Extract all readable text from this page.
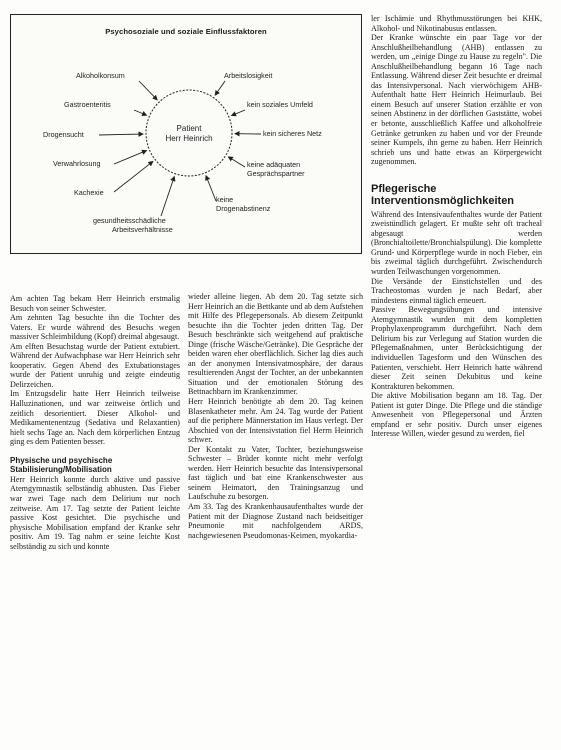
Patient
Herr Heinrich
Alkoholkonsum
Gastroenteritis
Drogensucht
Verwahrlosung
Kachexie
gesundheitsschädliche
Arbeitsverhältnisse
Arbeitslosigkeit
kein soziales Umfeld
kein sicheres Netz
keine adäquaten
Gesprächspartner
keine
Drogenabstinenz
Psychosoziale und soziale Einflussfaktoren

Am achten Tag bekam Herr Heinrich erstmalig Besuch von seiner Schwester.

Am zehnten Tag besuchte ihn die Tochter des Vaters. Er wurde während des Besuchs wegen massiver Schleimbildung (Kopf) dreimal abgesaugt.

Am elften Besuchstag wurde der Patient extubiert. Während der Aufwachphase war Herr Heinrich sehr kooperativ. Gegen Abend des Extubationstages wurde der Patient unruhig und zeigte eindeutig Delirzeichen.

Im Entzugsdelir hatte Herr Heinrich teilweise Halluzinationen, und war zeitweise örtlich und zeitlich desorientiert. Dieser Alkohol- und Medikamentenentzug (Sedativa und Relaxantien) hielt sechs Tage an. Nach dem körperlichen Entzug ging es dem Patienten besser.

Physische und psychische Stabilisierung/Mobilisation

Herr Heinrich konnte durch aktive und passive Atemgymnastik selbständig abhusten. Das Fieber war zwei Tage nach dem Delirium nur noch zeitweise. Am 17. Tag setzte der Patient leichte passive Kost gesichtet. Die psychische und physische Mobilisation empfand der Kranke sehr positiv. Am 19. Tag nahm er seine leichte Kost selbständig zu sich und konnte

wieder alleine liegen. Ab dem 20. Tag setzte sich Herr Heinrich an die Bettkante und ab dem Aufstehen mit Hilfe des Pflegepersonals. Ab diesem Zeitpunkt besuchte ihn die Tochter jeden dritten Tag. Der Besuch beschränkte sich weitgehend auf praktische Dinge (frische Wäsche/Getränke). Die Gespräche der beiden waren eher oberflächlich. Sicher lag dies auch an der anonymen Intensivatmosphäre, der daraus resultierenden Angst der Tochter, an der unbekannten Situation und der emotionalen Störung des Bettnachbarn im Krankenzimmer.

Herr Heinrich benötigte ab dem 20. Tag keinen Blasenkatheter mehr. Am 24. Tag wurde der Patient auf die periphere Männerstation im Haus verlegt. Der Abschied von der Intensivstation fiel Herrn Heinrich schwer.

Der Kontakt zu Vater, Tochter, beziehungsweise Schwester – Brüder konnte nicht mehr verfolgt werden. Herr Heinrich besuchte das Intensivpersonal fast täglich und bat eine Krankenschwester aus seinem Heimatort, den Trainingsanzug und Laufschuhe zu besorgen.

Am 33. Tag des Krankenhausaufenthaltes wurde der Patient mit der Diagnose Zustand nach beidseitiger Pneumonie mit nachfolgendem ARDS, nachgewiesenen Pseudomonas-Keimen, myokardia-

ler Ischämie und Rhythmusstörungen bei KHK, Alkohol- und Nikotinabusus entlassen.

Der Kranke wünschte ein paar Tage vor der Anschlußheilbehandlung (AHB) entlassen zu werden, um „einige Dinge zu Hause zu regeln". Die Anschlußheilbehandlung begann 16 Tage nach Entlassung. Während dieser Zeit besuchte er dreimal das Intensivpersonal. Nach vierwöchigem AHB-Aufenthalt hatte Herr Heinrich Heimurlaub. Bei einem Besuch auf unserer Station erzählte er von seinen Abstinenz in der dörflichen Gaststätte, wobei er betonte, ausschließlich Kaffee und alkoholfreie Getränke getrunken zu haben und vor der Freunde seiner Kumpels, ihn gerne zu haben. Herr Heinrich schrieb uns und hatte etwas an Körpergewicht zugenommen.

Pflegerische Interventionsmöglichkeiten

Während des Intensivaufenthaltes wurde der Patient zweistündlich gelagert. Er mußte sehr oft tracheal abgesaugt werden (Bronchialtoilette/Bronchialspülung). Die komplette Grund- und Körperpflege wurde in noch Fieber, ein bis zweimal täglich durchgeführt. Zwischendurch wurden Teilwaschungen vorgenommen.

Die Versände der Einstichstellen und des Tracheostomas wurden je nach Bedarf, aber mindestens einmal täglich erneuert.

Passive Bewegungsübungen und intensive Atemgymnastik wurden mit dem kompletten Prophylaxenprogramm durchgeführt. Nach dem Delirium bis zur Verlegung auf Station wurden die Pflegemaßnahmen, unter Berücksichtigung der individuellen Tagesform und den Wünschen des Patienten, verschiebt. Herr Heinrich hatte während dieser Zeit seinen Dekubitus und keine Kontrakturen bekommen.

Die aktive Mobilisation begann am 18. Tag. Der Patient ist guter Dinge. Die Pflege und die ständige Anwesenheit von Pflegepersonal und Ärzten empfand er sehr positiv. Durch unser eigenes Interesse Willen, wieder gesund zu werden, fiel
